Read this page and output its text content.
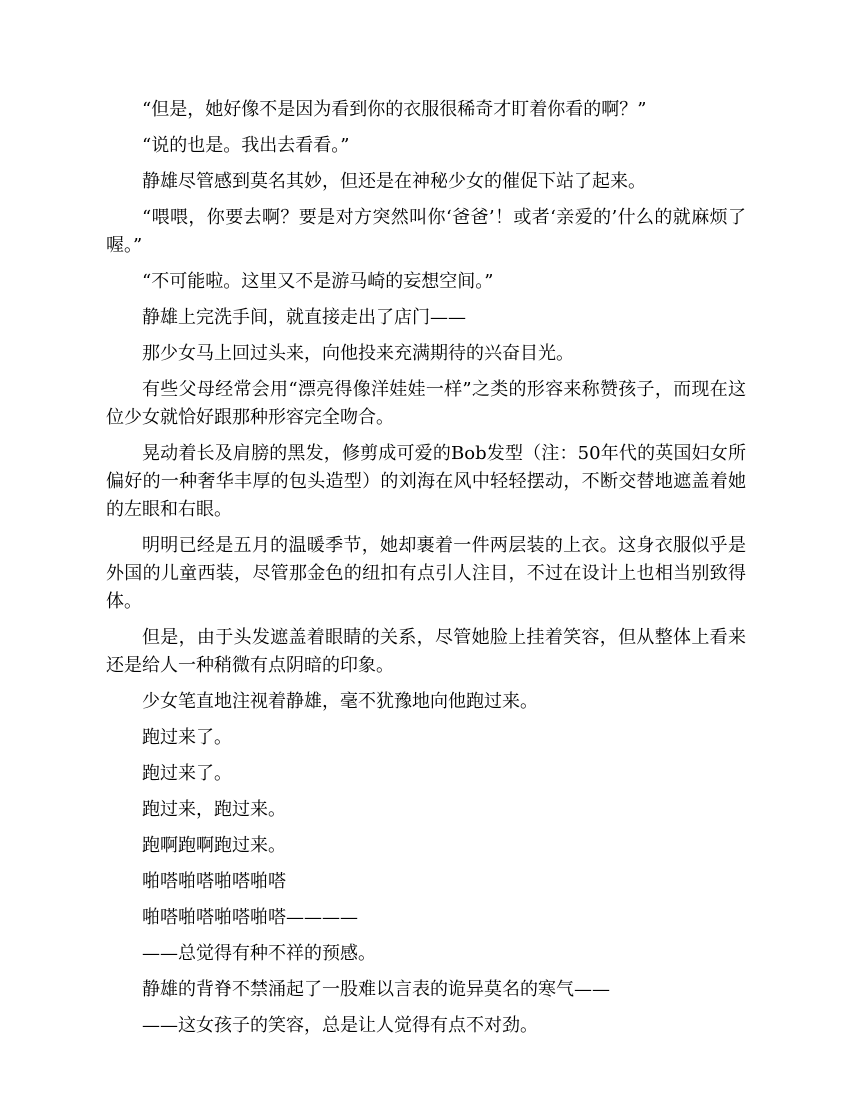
“但是，她好像不是因为看到你的衣服很稀奇才盯着你看的啊？”

“说的也是。我出去看看。”

静雄尽管感到莫名其妙，但还是在神秘少女的催促下站了起来。

“喂喂，你要去啊？要是对方突然叫你‘爸爸’！或者‘亲爱的’什么的就麻烦了喔。”

“不可能啦。这里又不是游马崎的妄想空间。”

静雄上完洗手间，就直接走出了店门——

那少女马上回过头来，向他投来充满期待的兴奋目光。

有些父母经常会用“漂亮得像洋娃娃一样”之类的形容来称赞孩子，而现在这位少女就恰好跟那种形容完全吻合。

晃动着长及肩膀的黑发，修剪成可爱的Bob发型（注：50年代的英国妇女所偏好的一种奢华丰厚的包头造型）的刘海在风中轻轻摆动，不断交替地遮盖着她的左眼和右眼。

明明已经是五月的温暖季节，她却裹着一件两层装的上衣。这身衣服似乎是外国的儿童西装，尽管那金色的纽扣有点引人注目，不过在设计上也相当别致得体。

但是，由于头发遮盖着眼睛的关系，尽管她脸上挂着笑容，但从整体上看来还是给人一种稍微有点阴暗的印象。

少女笔直地注视着静雄，毫不犹豫地向他跑过来。

跑过来了。

跑过来了。

跑过来，跑过来。

跑啊跑啊跑过来。

啪嗒啪嗒啪嗒啪嗒

啪嗒啪嗒啪嗒啪嗒————

——总觉得有种不祥的预感。

静雄的背脊不禁涌起了一股难以言表的诡异莫名的寒气——

——这女孩子的笑容，总是让人觉得有点不对劲。
